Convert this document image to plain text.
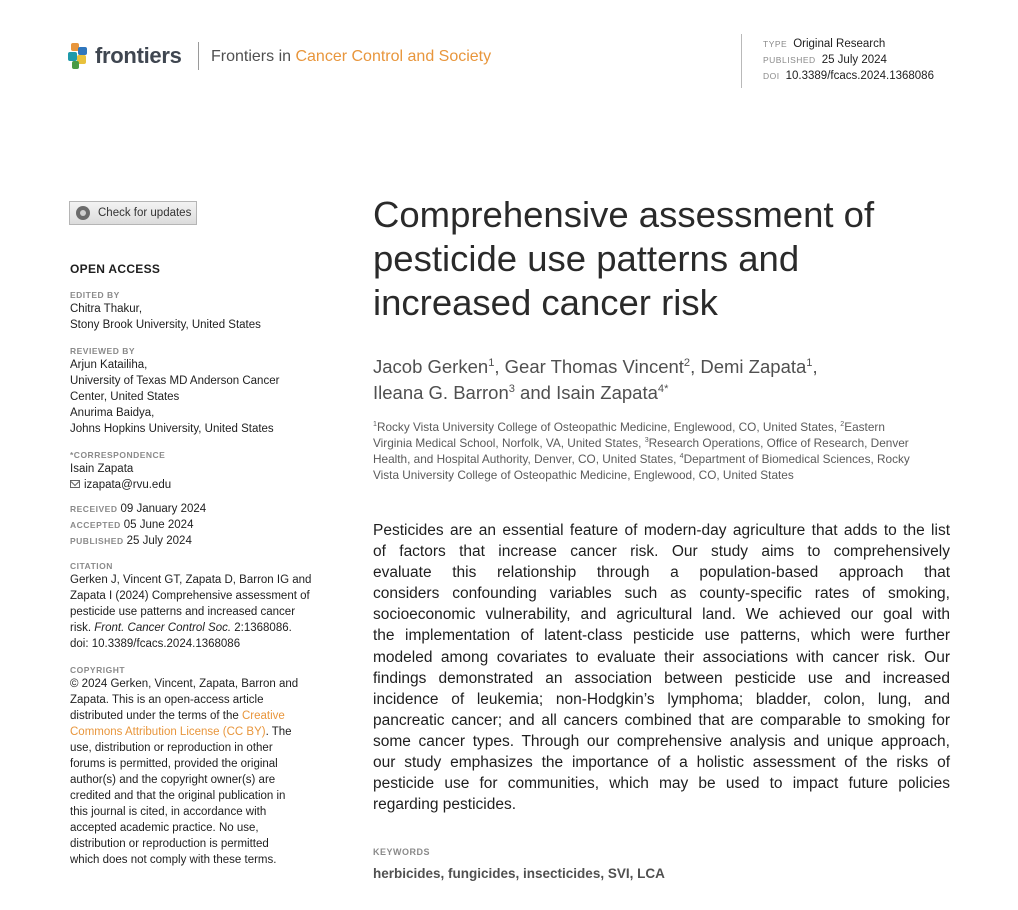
frontiers Frontiers in Cancer Control and Society
TYPE Original Research
PUBLISHED 25 July 2024
DOI 10.3389/fcacs.2024.1368086
Check for updates
OPEN ACCESS
EDITED BY
Chitra Thakur,
Stony Brook University, United States
REVIEWED BY
Arjun Katailiha,
University of Texas MD Anderson Cancer
Center, United States
Anurima Baidya,
Johns Hopkins University, United States
*CORRESPONDENCE
Isain Zapata
izapata@rvu.edu
RECEIVED 09 January 2024
ACCEPTED 05 June 2024
PUBLISHED 25 July 2024
CITATION
Gerken J, Vincent GT, Zapata D, Barron IG and
Zapata I (2024) Comprehensive assessment of
pesticide use patterns and increased cancer
risk. Front. Cancer Control Soc. 2:1368086.
doi: 10.3389/fcacs.2024.1368086
COPYRIGHT
© 2024 Gerken, Vincent, Zapata, Barron and
Zapata. This is an open-access article
distributed under the terms of the Creative
Commons Attribution License (CC BY). The
use, distribution or reproduction in other
forums is permitted, provided the original
author(s) and the copyright owner(s) are
credited and that the original publication in
this journal is cited, in accordance with
accepted academic practice. No use,
distribution or reproduction is permitted
which does not comply with these terms.
Comprehensive assessment of
pesticide use patterns and
increased cancer risk
Jacob Gerken$^1$, Gear Thomas Vincent$^2$, Demi Zapata$^1$,
Ileana G. Barron$^3$ and Isain Zapata$^{4*}$
$^1$Rocky Vista University College of Osteopathic Medicine, Englewood, CO, United States, $^2$Eastern
Virginia Medical School, Norfolk, VA, United States, $^3$Research Operations, Office of Research, Denver
Health, and Hospital Authority, Denver, CO, United States, $^4$Department of Biomedical Sciences, Rocky
Vista University College of Osteopathic Medicine, Englewood, CO, United States
Pesticides are an essential feature of modern-day agriculture that adds to the list
of factors that increase cancer risk. Our study aims to comprehensively
evaluate this relationship through a population-based approach that
considers confounding variables such as county-specific rates of smoking,
socioeconomic vulnerability, and agricultural land. We achieved our goal with
the implementation of latent-class pesticide use patterns, which were further
modeled among covariates to evaluate their associations with cancer risk. Our
findings demonstrated an association between pesticide use and increased
incidence of leukemia; non-Hodgkin’s lymphoma; bladder, colon, lung, and
pancreatic cancer; and all cancers combined that are comparable to smoking for
some cancer types. Through our comprehensive analysis and unique approach,
our study emphasizes the importance of a holistic assessment of the risks of
pesticide use for communities, which may be used to impact future policies
regarding pesticides.
KEYWORDS
herbicides, fungicides, insecticides, SVI, LCA
